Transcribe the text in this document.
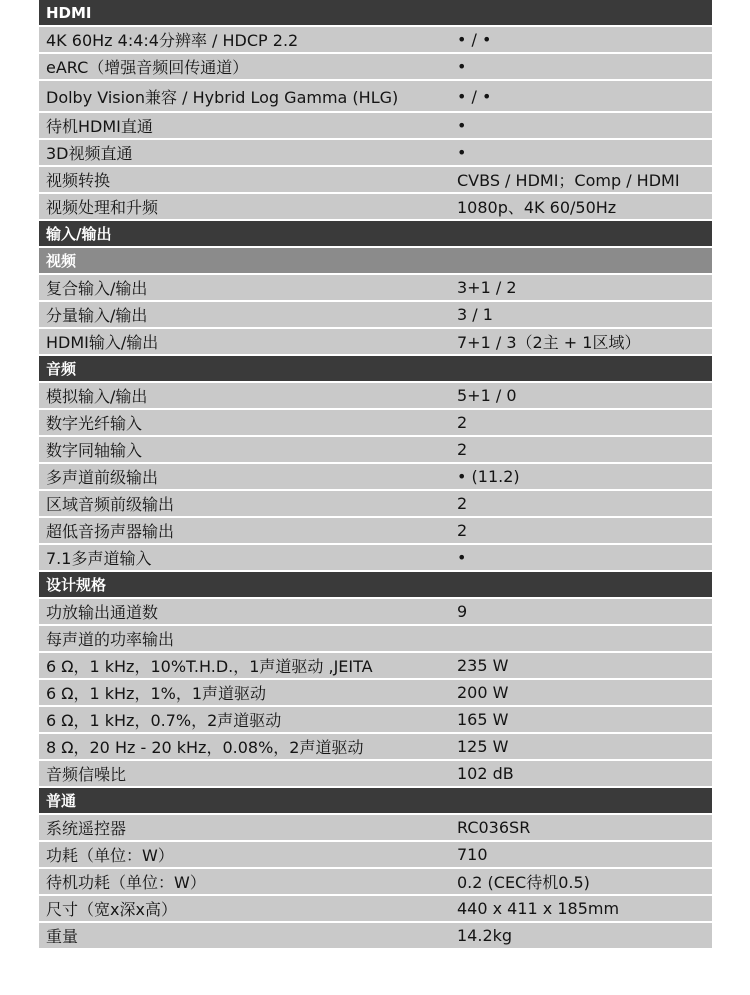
HDMI
4K 60Hz 4:4:4分辨率 / HDCP 2.2	• / •
eARC（增强音频回传通道）	•
Dolby Vision兼容 / Hybrid Log Gamma (HLG)	• / •
待机HDMI直通	•
3D视频直通	•
视频转换	CVBS / HDMI；Comp / HDMI
视频处理和升频	1080p、4K 60/50Hz
输入/输出
视频
复合输入/输出	3+1 / 2
分量输入/输出	3 / 1
HDMI输入/输出	7+1 / 3（2主 + 1区域）
音频
模拟输入/输出	5+1 / 0
数字光纤输入	2
数字同轴输入	2
多声道前级输出	• (11.2)
区域音频前级输出	2
超低音扬声器输出	2
7.1多声道输入	•
设计规格
功放输出通道数	9
每声道的功率输出
6 Ω，1 kHz，10%T.H.D.，1声道驱动 ,JEITA	235 W
6 Ω，1 kHz，1%，1声道驱动	200 W
6 Ω，1 kHz，0.7%，2声道驱动	165 W
8 Ω，20 Hz - 20 kHz，0.08%，2声道驱动	125 W
音频信噪比	102 dB
普通
系统遥控器	RC036SR
功耗（单位：W）	710
待机功耗（单位：W）	0.2 (CEC待机0.5)
尺寸（宽x深x高）	440 x 411 x 185mm
重量	14.2kg
